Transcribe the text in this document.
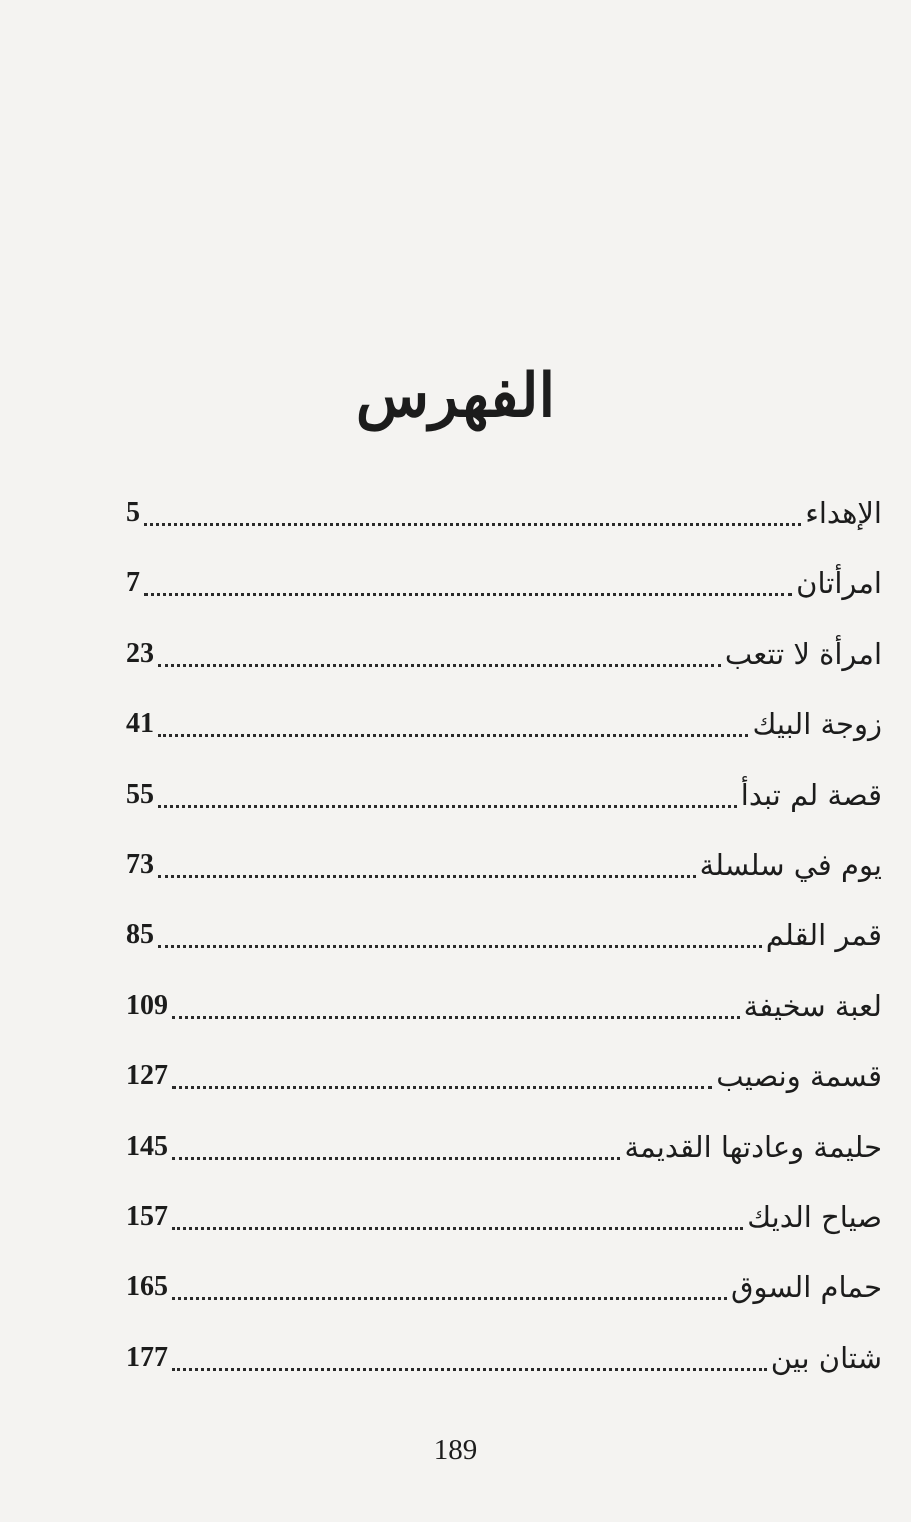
الفهرس
الإهداء
5
امرأتان
7
امرأة لا تتعب
23
زوجة البيك
41
قصة لم تبدأ
55
يوم في سلسلة
73
قمر القلم
85
لعبة سخيفة
109
قسمة ونصيب
127
حليمة وعادتها القديمة
145
صياح الديك
157
حمام السوق
165
شتان بين
177
189
